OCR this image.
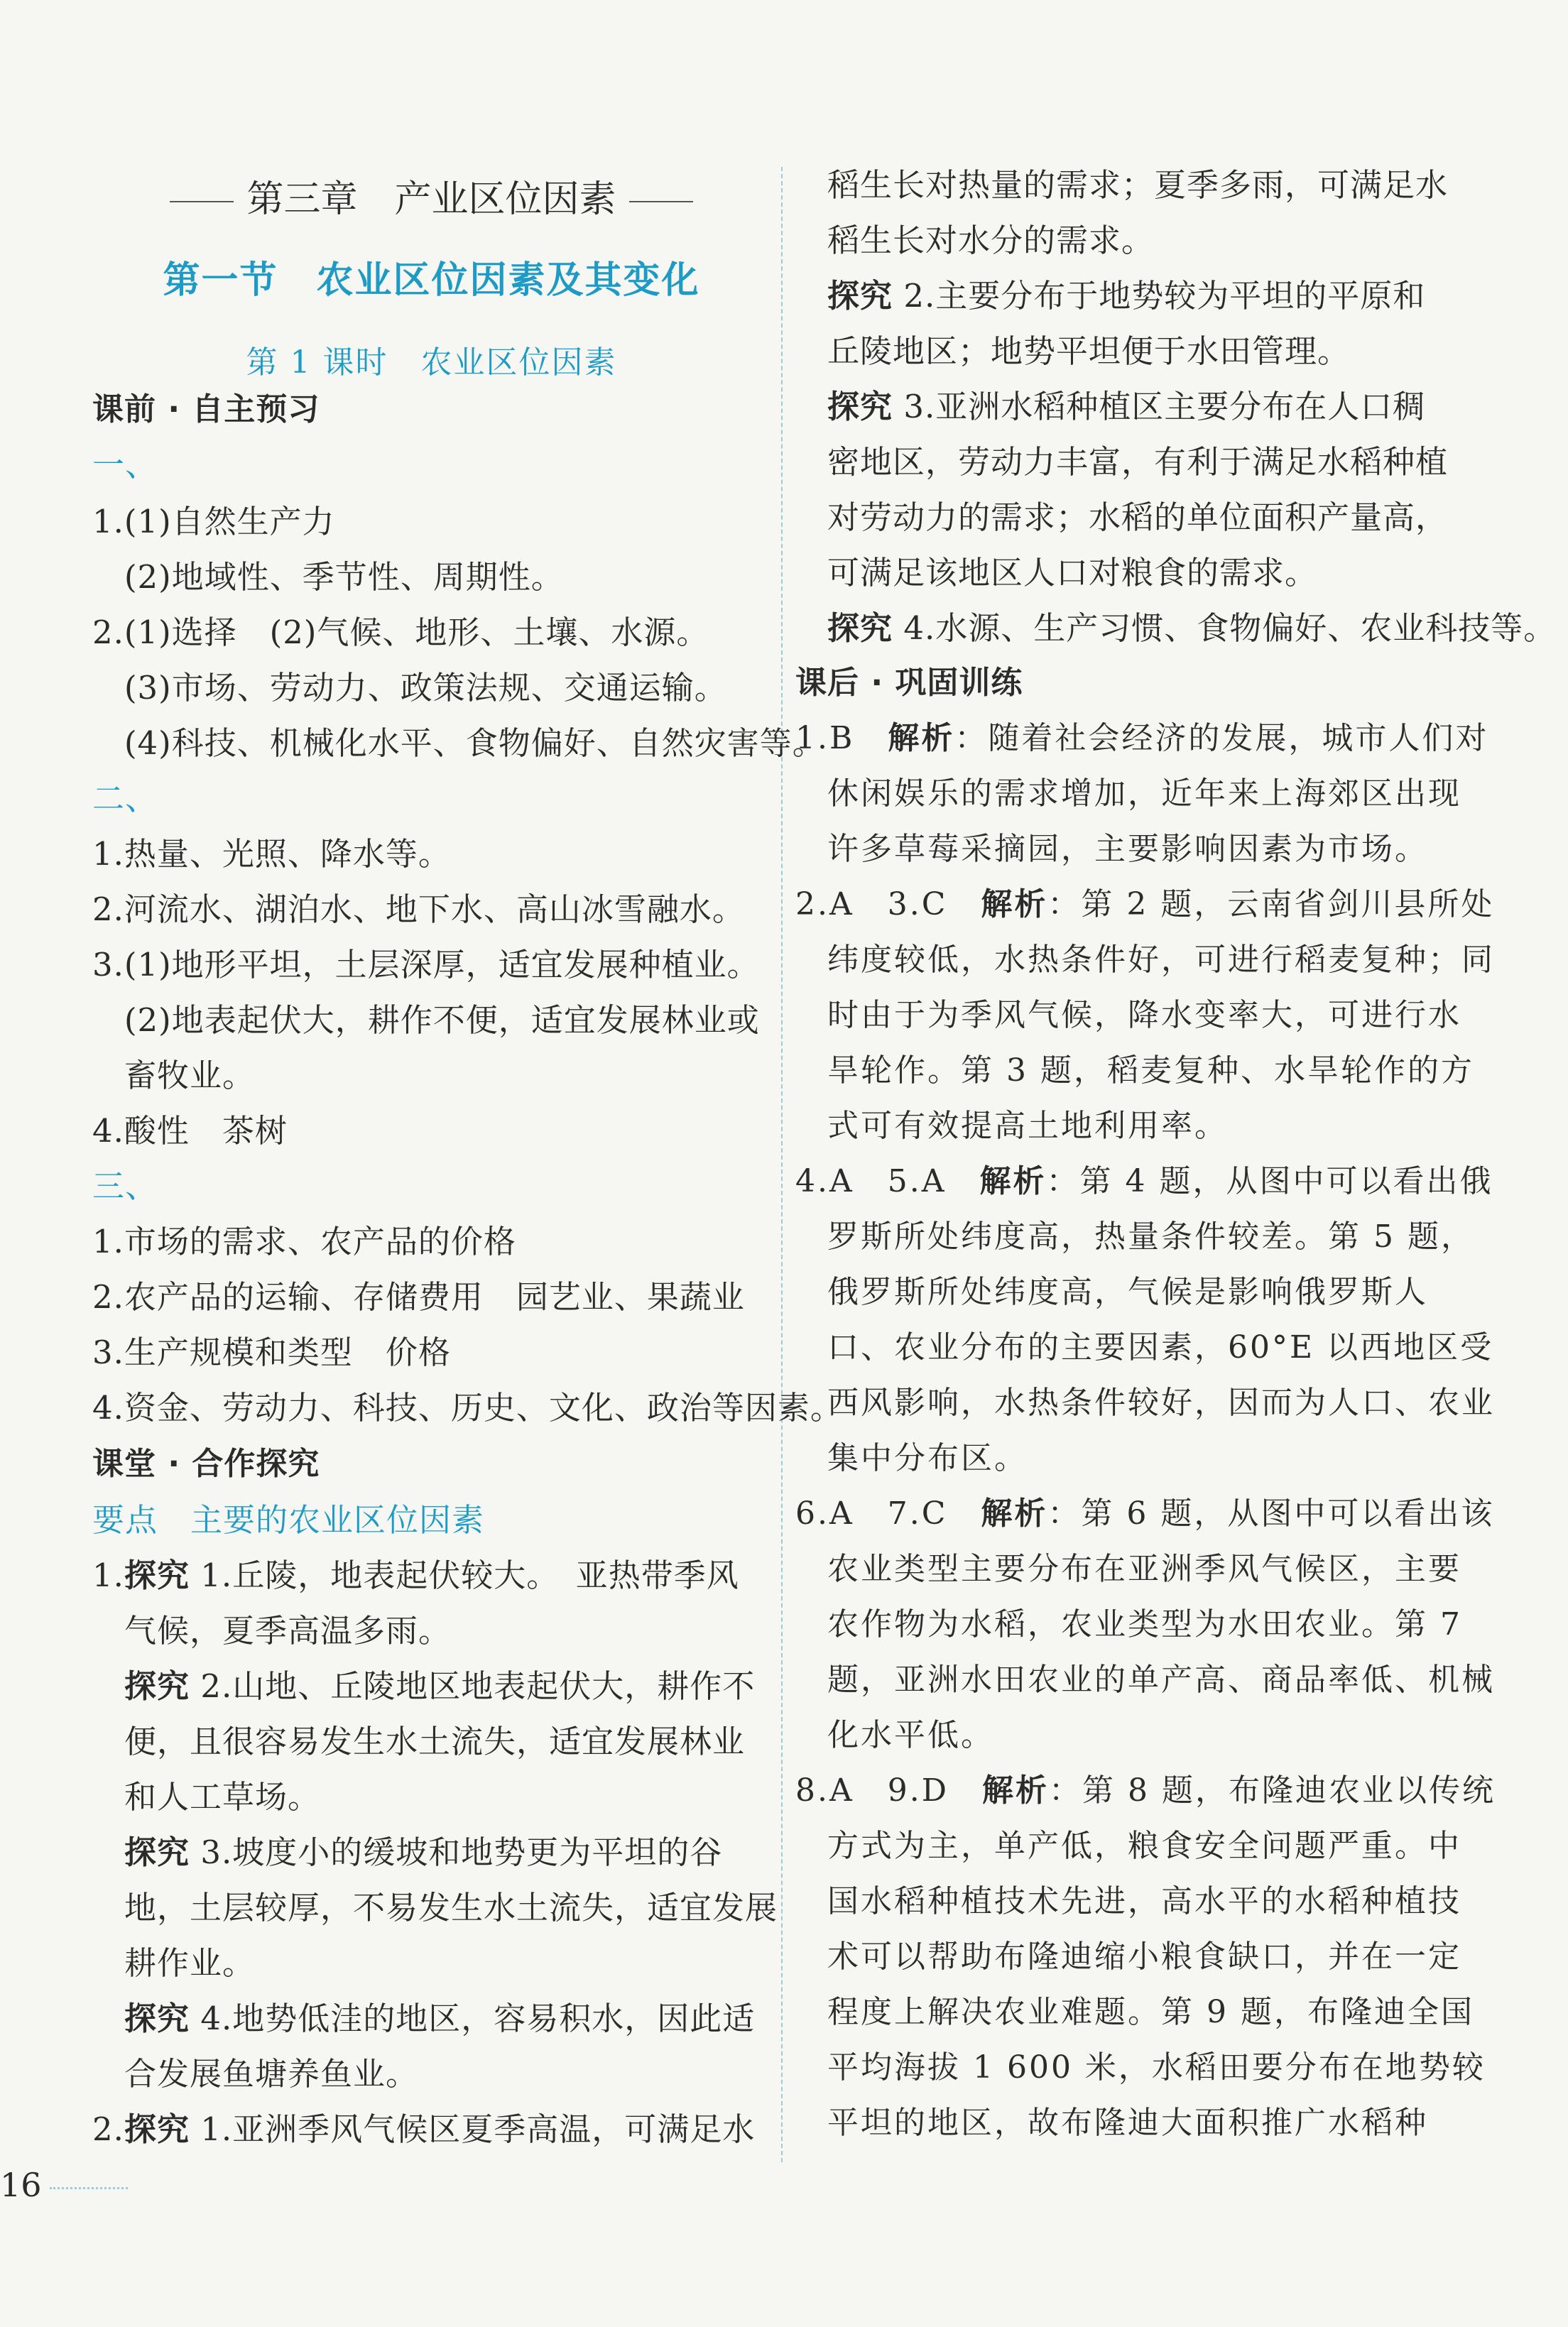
第三章　产业区位因素
第一节　农业区位因素及其变化
第 1 课时　农业区位因素
课前 · 自主预习
一、
1.(1)自然生产力
(2)地域性、季节性、周期性。
2.(1)选择　(2)气候、地形、土壤、水源。
(3)市场、劳动力、政策法规、交通运输。
(4)科技、机械化水平、食物偏好、自然灾害等。
二、
1.热量、光照、降水等。
2.河流水、湖泊水、地下水、高山冰雪融水。
3.(1)地形平坦，土层深厚，适宜发展种植业。
(2)地表起伏大，耕作不便，适宜发展林业或
畜牧业。
4.酸性　茶树
三、
1.市场的需求、农产品的价格
2.农产品的运输、存储费用　园艺业、果蔬业
3.生产规模和类型　价格
4.资金、劳动力、科技、历史、文化、政治等因素。
课堂 · 合作探究
要点　主要的农业区位因素
1.探究 1.丘陵，地表起伏较大。　亚热带季风
气候，夏季高温多雨。
探究 2.山地、丘陵地区地表起伏大，耕作不
便，且很容易发生水土流失，适宜发展林业
和人工草场。
探究 3.坡度小的缓坡和地势更为平坦的谷
地，土层较厚，不易发生水土流失，适宜发展
耕作业。
探究 4.地势低洼的地区，容易积水，因此适
合发展鱼塘养鱼业。
2.探究 1.亚洲季风气候区夏季高温，可满足水
16
稻生长对热量的需求；夏季多雨，可满足水
稻生长对水分的需求。
探究 2.主要分布于地势较为平坦的平原和
丘陵地区；地势平坦便于水田管理。
探究 3.亚洲水稻种植区主要分布在人口稠
密地区，劳动力丰富，有利于满足水稻种植
对劳动力的需求；水稻的单位面积产量高，
可满足该地区人口对粮食的需求。
探究 4.水源、生产习惯、食物偏好、农业科技等。
课后 · 巩固训练
1.B　解析：随着社会经济的发展，城市人们对
休闲娱乐的需求增加，近年来上海郊区出现
许多草莓采摘园，主要影响因素为市场。
2.A　3.C　解析：第 2 题，云南省剑川县所处
纬度较低，水热条件好，可进行稻麦复种；同
时由于为季风气候，降水变率大，可进行水
旱轮作。第 3 题，稻麦复种、水旱轮作的方
式可有效提高土地利用率。
4.A　5.A　解析：第 4 题，从图中可以看出俄
罗斯所处纬度高，热量条件较差。第 5 题，
俄罗斯所处纬度高，气候是影响俄罗斯人
口、农业分布的主要因素，60°E 以西地区受
西风影响，水热条件较好，因而为人口、农业
集中分布区。
6.A　7.C　解析：第 6 题，从图中可以看出该
农业类型主要分布在亚洲季风气候区，主要
农作物为水稻，农业类型为水田农业。第 7
题，亚洲水田农业的单产高、商品率低、机械
化水平低。
8.A　9.D　解析：第 8 题，布隆迪农业以传统
方式为主，单产低，粮食安全问题严重。中
国水稻种植技术先进，高水平的水稻种植技
术可以帮助布隆迪缩小粮食缺口，并在一定
程度上解决农业难题。第 9 题，布隆迪全国
平均海拔 1 600 米，水稻田要分布在地势较
平坦的地区，故布隆迪大面积推广水稻种
